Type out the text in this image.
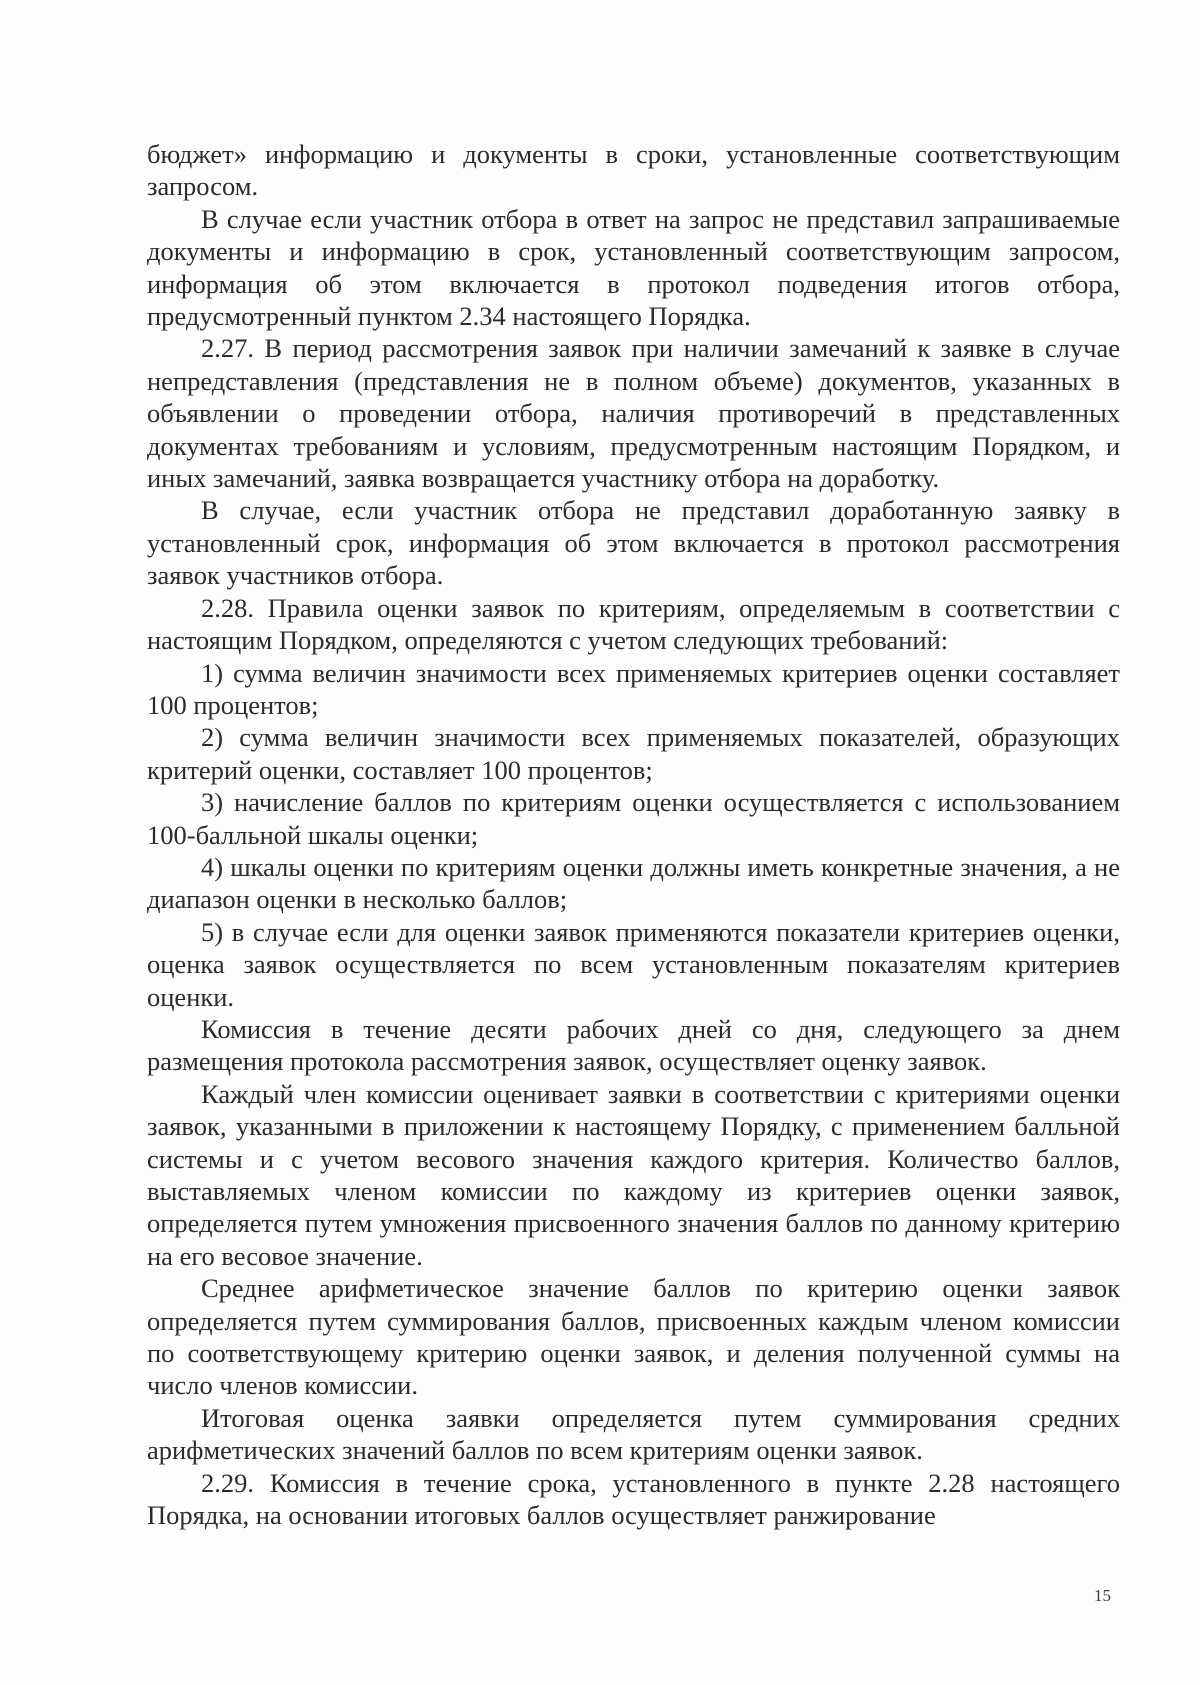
бюджет» информацию и документы в сроки, установленные соответствующим запросом.

В случае если участник отбора в ответ на запрос не представил запрашиваемые документы и информацию в срок, установленный соответствующим запросом, информация об этом включается в протокол подведения итогов отбора, предусмотренный пунктом 2.34 настоящего Порядка.

2.27. В период рассмотрения заявок при наличии замечаний к заявке в случае непредставления (представления не в полном объеме) документов, указанных в объявлении о проведении отбора, наличия противоречий в представленных документах требованиям и условиям, предусмотренным настоящим Порядком, и иных замечаний, заявка возвращается участнику отбора на доработку.

В случае, если участник отбора не представил доработанную заявку в установленный срок, информация об этом включается в протокол рассмотрения заявок участников отбора.

2.28. Правила оценки заявок по критериям, определяемым в соответствии с настоящим Порядком, определяются с учетом следующих требований:

1) сумма величин значимости всех применяемых критериев оценки составляет 100 процентов;

2) сумма величин значимости всех применяемых показателей, образующих критерий оценки, составляет 100 процентов;

3) начисление баллов по критериям оценки осуществляется с использованием 100-балльной шкалы оценки;

4) шкалы оценки по критериям оценки должны иметь конкретные значения, а не диапазон оценки в несколько баллов;

5) в случае если для оценки заявок применяются показатели критериев оценки, оценка заявок осуществляется по всем установленным показателям критериев оценки.

Комиссия в течение десяти рабочих дней со дня, следующего за днем размещения протокола рассмотрения заявок, осуществляет оценку заявок.

Каждый член комиссии оценивает заявки в соответствии с критериями оценки заявок, указанными в приложении к настоящему Порядку, с применением балльной системы и с учетом весового значения каждого критерия. Количество баллов, выставляемых членом комиссии по каждому из критериев оценки заявок, определяется путем умножения присвоенного значения баллов по данному критерию на его весовое значение.

Среднее арифметическое значение баллов по критерию оценки заявок определяется путем суммирования баллов, присвоенных каждым членом комиссии по соответствующему критерию оценки заявок, и деления полученной суммы на число членов комиссии.

Итоговая оценка заявки определяется путем суммирования средних арифметических значений баллов по всем критериям оценки заявок.

2.29. Комиссия в течение срока, установленного в пункте 2.28 настоящего Порядка, на основании итоговых баллов осуществляет ранжирование

15
